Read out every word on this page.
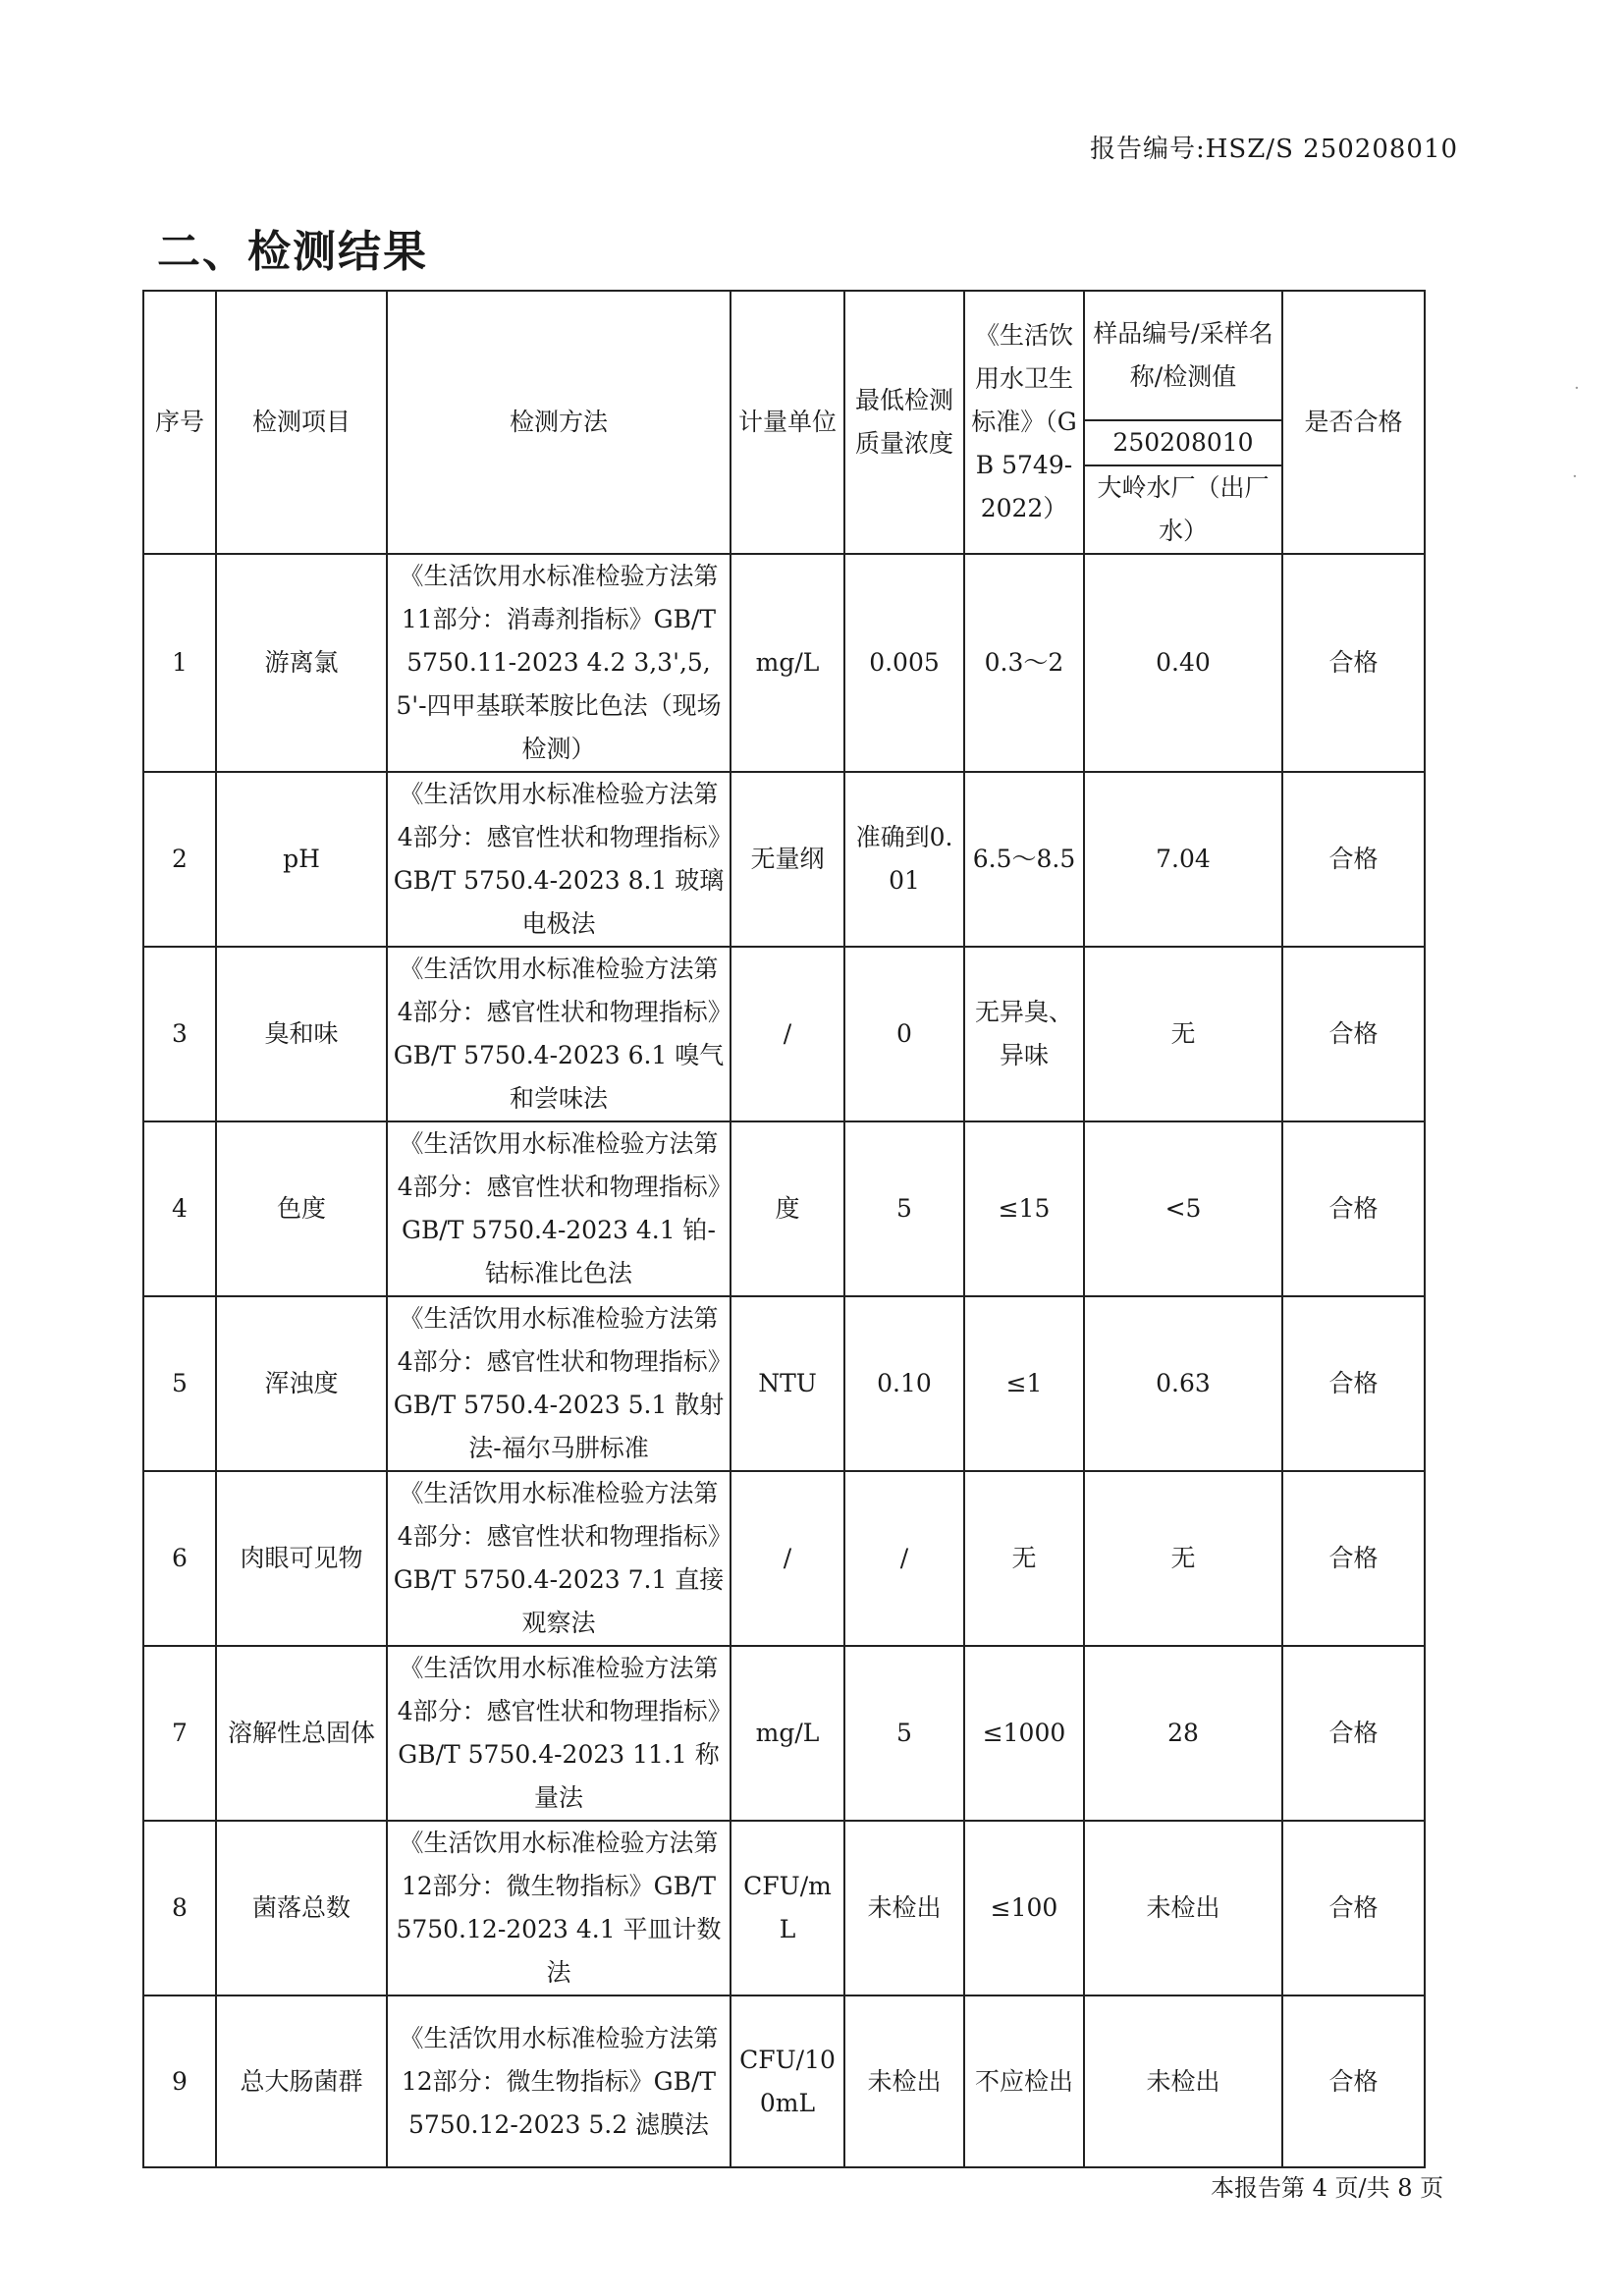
报告编号:HSZ/S 250208010
二、检测结果
序号	检测项目	检测方法	计量单位	最低检测质量浓度	《生活饮用水卫生标准》（GB 5749-2022）	样品编号/采样名称/检测值	是否合格
						250208010	
						大岭水厂（出厂水）	
1	游离氯	《生活饮用水标准检验方法第11部分：消毒剂指标》GB/T 5750.11-2023 4.2 3,3',5,5'-四甲基联苯胺比色法（现场检测）	mg/L	0.005	0.3～2	0.40	合格
2	pH	《生活饮用水标准检验方法第4部分：感官性状和物理指标》GB/T 5750.4-2023 8.1 玻璃电极法	无量纲	准确到0.01	6.5～8.5	7.04	合格
3	臭和味	《生活饮用水标准检验方法第4部分：感官性状和物理指标》GB/T 5750.4-2023 6.1 嗅气和尝味法	/	0	无异臭、异味	无	合格
4	色度	《生活饮用水标准检验方法第4部分：感官性状和物理指标》GB/T 5750.4-2023 4.1 铂-钴标准比色法	度	5	≤15	<5	合格
5	浑浊度	《生活饮用水标准检验方法第4部分：感官性状和物理指标》GB/T 5750.4-2023 5.1 散射法-福尔马肼标准	NTU	0.10	≤1	0.63	合格
6	肉眼可见物	《生活饮用水标准检验方法第4部分：感官性状和物理指标》GB/T 5750.4-2023 7.1 直接观察法	/	/	无	无	合格
7	溶解性总固体	《生活饮用水标准检验方法第4部分：感官性状和物理指标》GB/T 5750.4-2023 11.1 称量法	mg/L	5	≤1000	28	合格
8	菌落总数	《生活饮用水标准检验方法第12部分：微生物指标》GB/T 5750.12-2023 4.1 平皿计数法	CFU/mL	未检出	≤100	未检出	合格
9	总大肠菌群	《生活饮用水标准检验方法第12部分：微生物指标》GB/T 5750.12-2023 5.2 滤膜法	CFU/100mL	未检出	不应检出	未检出	合格
本报告第 4 页/共 8 页
·
·
